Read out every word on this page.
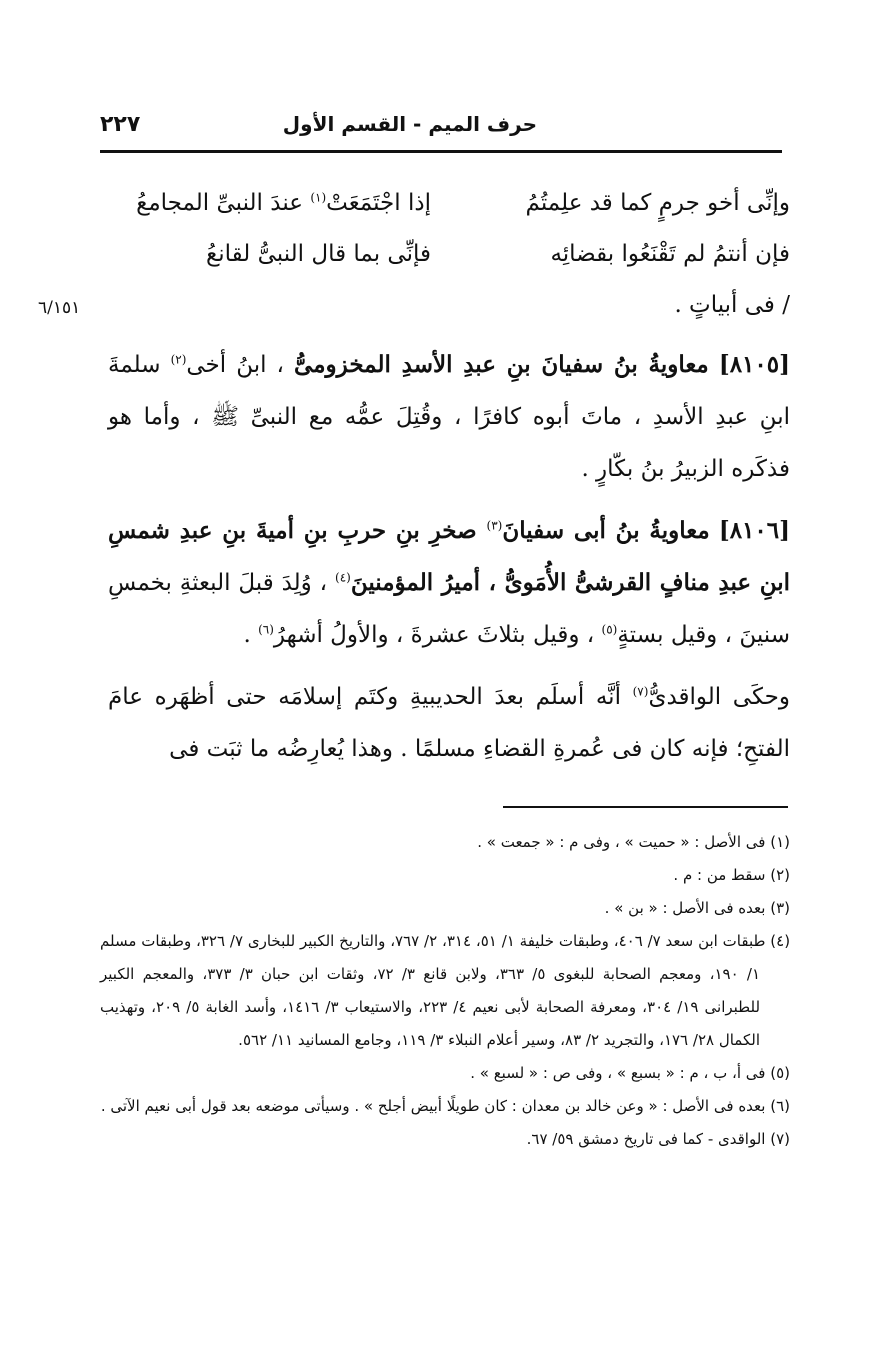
حرف الميم - القسم الأول
٢٢٧
٦/١٥١
وإنِّى أخو جرمٍ كما قد علِمتُمُإذا اجْتَمَعَتْ$^{(١)}$ عندَ النبىِّ المجامعُ
فإن أنتمُ لم تَقْنَعُوا بقضائِهفإنِّى بما قال النبىُّ لقانعُ
/ فى أبياتٍ .

[٨١٠٥] معاويةُ بنُ سفيانَ بنِ عبدِ الأسدِ المخزومىُّ ، ابنُ أخى$^{(٢)}$ سلمةَ ابنِ عبدِ الأسدِ ، ماتَ أبوه كافرًا ، وقُتِلَ عمُّه مع النبىِّ ﷺ ، وأما هو فذكَره الزبيرُ بنُ بكّارٍ .

[٨١٠٦] معاويةُ بنُ أبى سفيانَ$^{(٣)}$ صخرِ بنِ حربِ بنِ أميةَ بنِ عبدِ شمسِ ابنِ عبدِ منافٍ القرشىُّ الأُمَوىُّ ، أميرُ المؤمنينَ$^{(٤)}$ ، وُلِدَ قبلَ البعثةِ بخمسِ سنينَ ، وقيل بستةٍ$^{(٥)}$ ، وقيل بثلاثَ عشرةَ ، والأولُ أشهرُ$^{(٦)}$ .

وحكَى الواقدىُّ$^{(٧)}$ أنَّه أسلَم بعدَ الحديبيةِ وكتَم إسلامَه حتى أظهَره عامَ الفتحِ؛ فإنه كان فى عُمرةِ القضاءِ مسلمًا . وهذا يُعارِضُه ما ثبَت فى

(١) فى الأصل : « حميت » ، وفى م : « جمعت » .
(٢) سقط من : م .
(٣) بعده فى الأصل : « بن » .
(٤) طبقات ابن سعد ٧/ ٤٠٦، وطبقات خليفة ١/ ٥١، ٣١٤، ٢/ ٧٦٧، والتاريخ الكبير للبخارى ٧/ ٣٢٦، وطبقات مسلم ١/ ١٩٠، ومعجم الصحابة للبغوى ٥/ ٣٦٣، ولابن قانع ٣/ ٧٢، وثقات ابن حبان ٣/ ٣٧٣، والمعجم الكبير للطبرانى ١٩/ ٣٠٤، ومعرفة الصحابة لأبى نعيم ٤/ ٢٢٣، والاستيعاب ٣/ ١٤١٦، وأسد الغابة ٥/ ٢٠٩، وتهذيب الكمال ٢٨/ ١٧٦، والتجريد ٢/ ٨٣، وسير أعلام النبلاء ٣/ ١١٩، وجامع المسانيد ١١/ ٥٦٢.
(٥) فى أ، ب ، م : « بسبع » ، وفى ص : « لسبع » .
(٦) بعده فى الأصل : « وعن خالد بن معدان : كان طويلًا أبيض أجلح » . وسيأتى موضعه بعد قول أبى نعيم الآتى .
(٧) الواقدى - كما فى تاريخ دمشق ٥٩/ ٦٧.
